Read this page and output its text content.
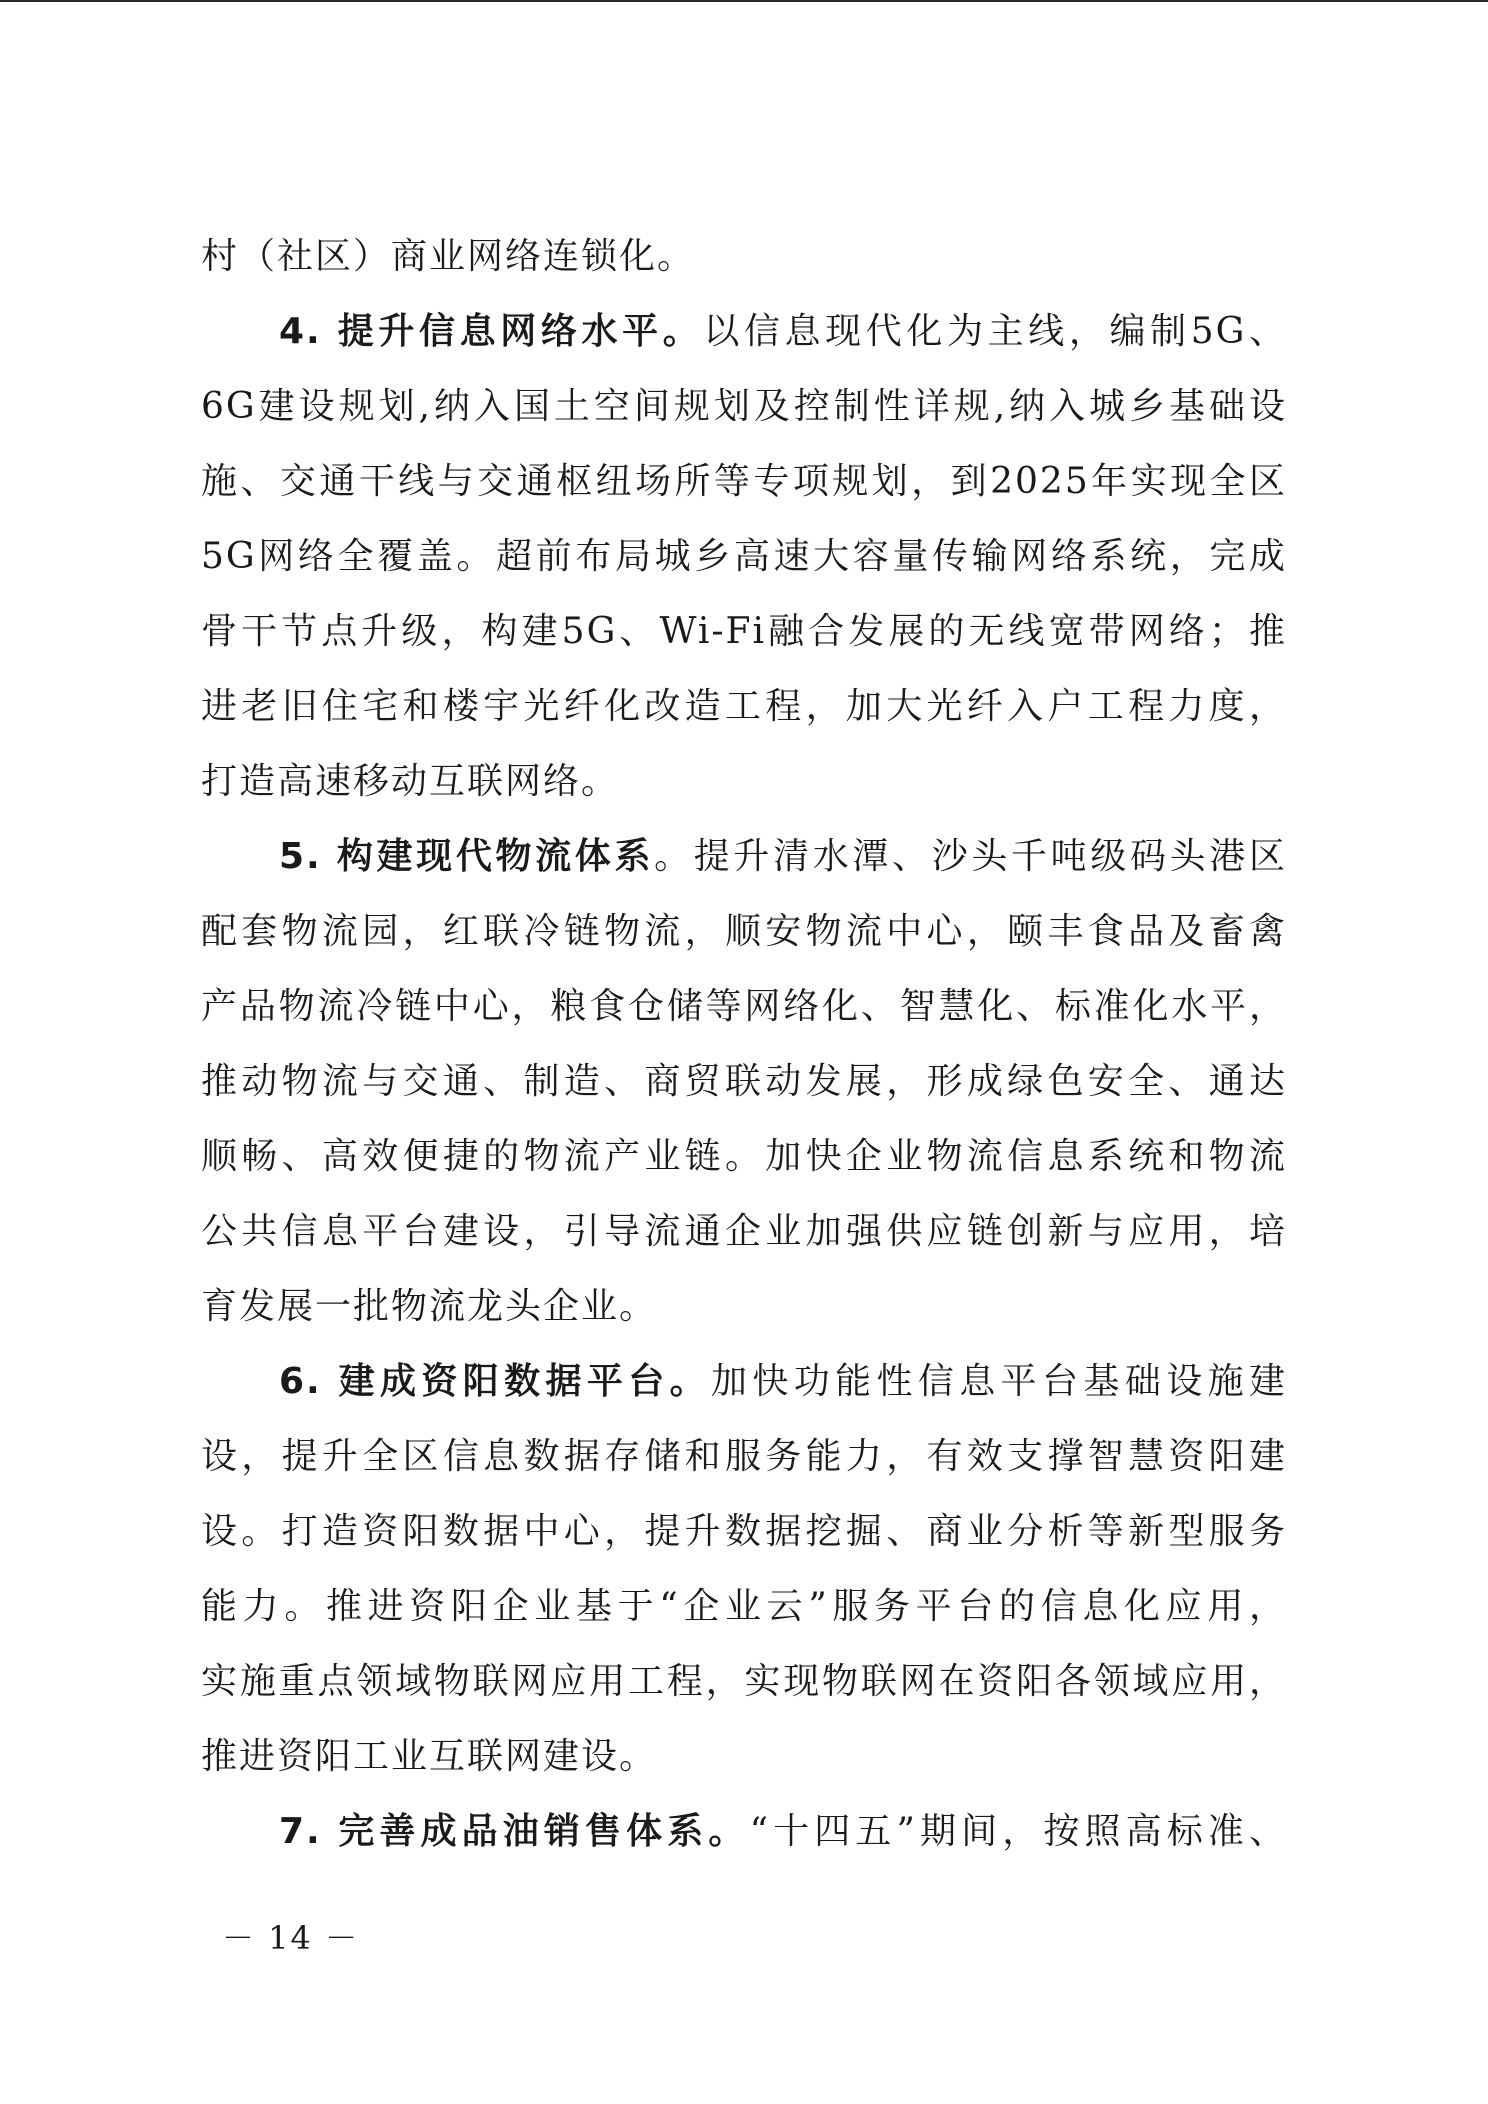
村（社区）商业网络连锁化。
4. 提升信息网络水平。以信息现代化为主线，编制5G、
6G建设规划,纳入国土空间规划及控制性详规,纳入城乡基础设
施、交通干线与交通枢纽场所等专项规划，到2025年实现全区
5G网络全覆盖。超前布局城乡高速大容量传输网络系统，完成
骨干节点升级，构建5G、Wi-Fi融合发展的无线宽带网络；推
进老旧住宅和楼宇光纤化改造工程，加大光纤入户工程力度，
打造高速移动互联网络。
5. 构建现代物流体系。提升清水潭、沙头千吨级码头港区
配套物流园，红联冷链物流，顺安物流中心，颐丰食品及畜禽
产品物流冷链中心，粮食仓储等网络化、智慧化、标准化水平，
推动物流与交通、制造、商贸联动发展，形成绿色安全、通达
顺畅、高效便捷的物流产业链。加快企业物流信息系统和物流
公共信息平台建设，引导流通企业加强供应链创新与应用，培
育发展一批物流龙头企业。
6. 建成资阳数据平台。加快功能性信息平台基础设施建
设，提升全区信息数据存储和服务能力，有效支撑智慧资阳建
设。打造资阳数据中心，提升数据挖掘、商业分析等新型服务
能力。推进资阳企业基于“企业云”服务平台的信息化应用，
实施重点领域物联网应用工程，实现物联网在资阳各领域应用，
推进资阳工业互联网建设。
7. 完善成品油销售体系。“十四五”期间，按照高标准、
－ 14 －
